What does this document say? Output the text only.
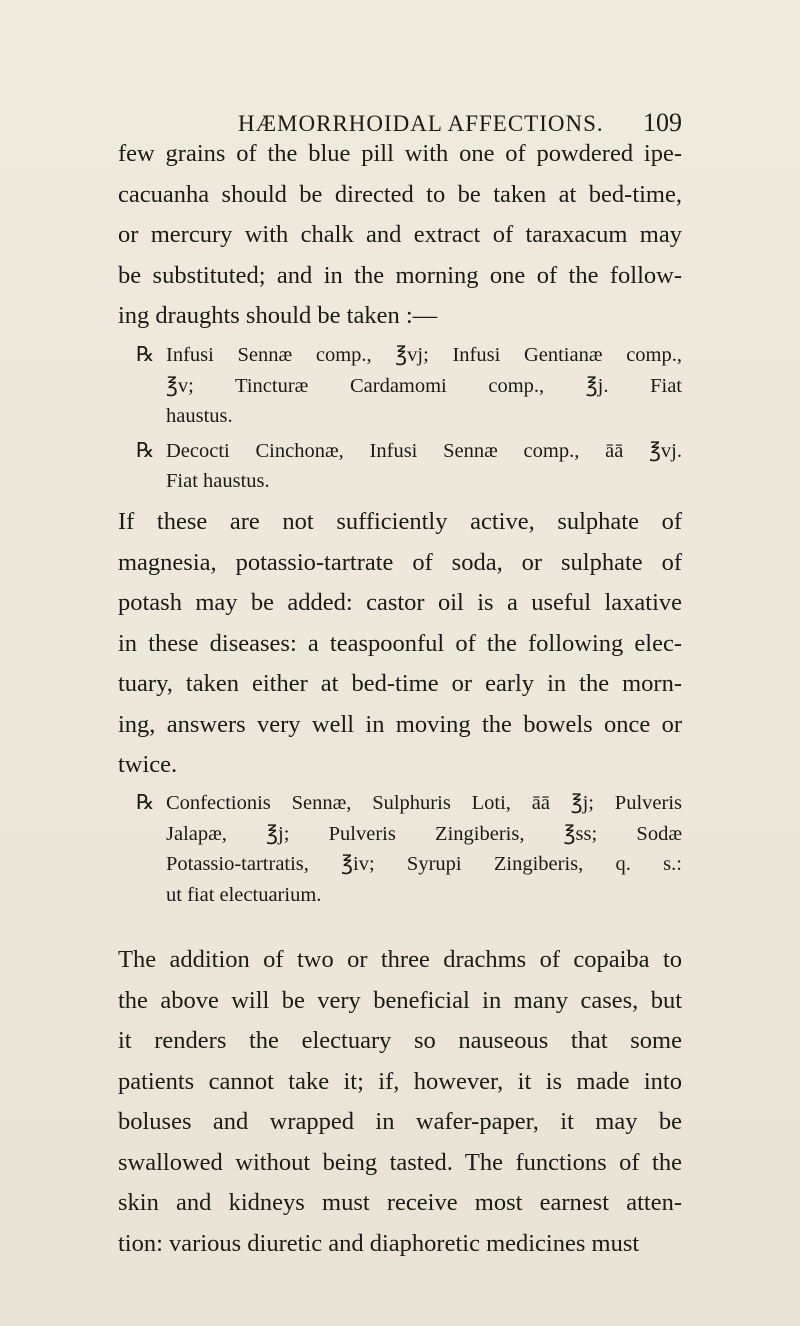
HÆMORRHOIDAL AFFECTIONS. 109
few grains of the blue pill with one of powdered ipe-
cacuanha should be directed to be taken at bed-time,
or mercury with chalk and extract of taraxacum may
be substituted; and in the morning one of the follow-
ing draughts should be taken :—
℞ Infusi Sennæ comp., ℥vj; Infusi Gentianæ comp.,
℥v; Tincturæ Cardamomi comp., ℥j. Fiat
haustus.
℞ Decocti Cinchonæ, Infusi Sennæ comp., āā ℥vj.
Fiat haustus.
If these are not sufficiently active, sulphate of
magnesia, potassio-tartrate of soda, or sulphate of
potash may be added: castor oil is a useful laxative
in these diseases: a teaspoonful of the following elec-
tuary, taken either at bed-time or early in the morn-
ing, answers very well in moving the bowels once or
twice.
℞ Confectionis Sennæ, Sulphuris Loti, āā ℥j; Pulveris
Jalapæ, ℥j; Pulveris Zingiberis, ℥ss; Sodæ
Potassio-tartratis, ℥iv; Syrupi Zingiberis, q. s.:
ut fiat electuarium.
The addition of two or three drachms of copaiba to
the above will be very beneficial in many cases, but
it renders the electuary so nauseous that some
patients cannot take it; if, however, it is made into
boluses and wrapped in wafer-paper, it may be
swallowed without being tasted. The functions of the
skin and kidneys must receive most earnest atten-
tion: various diuretic and diaphoretic medicines must
